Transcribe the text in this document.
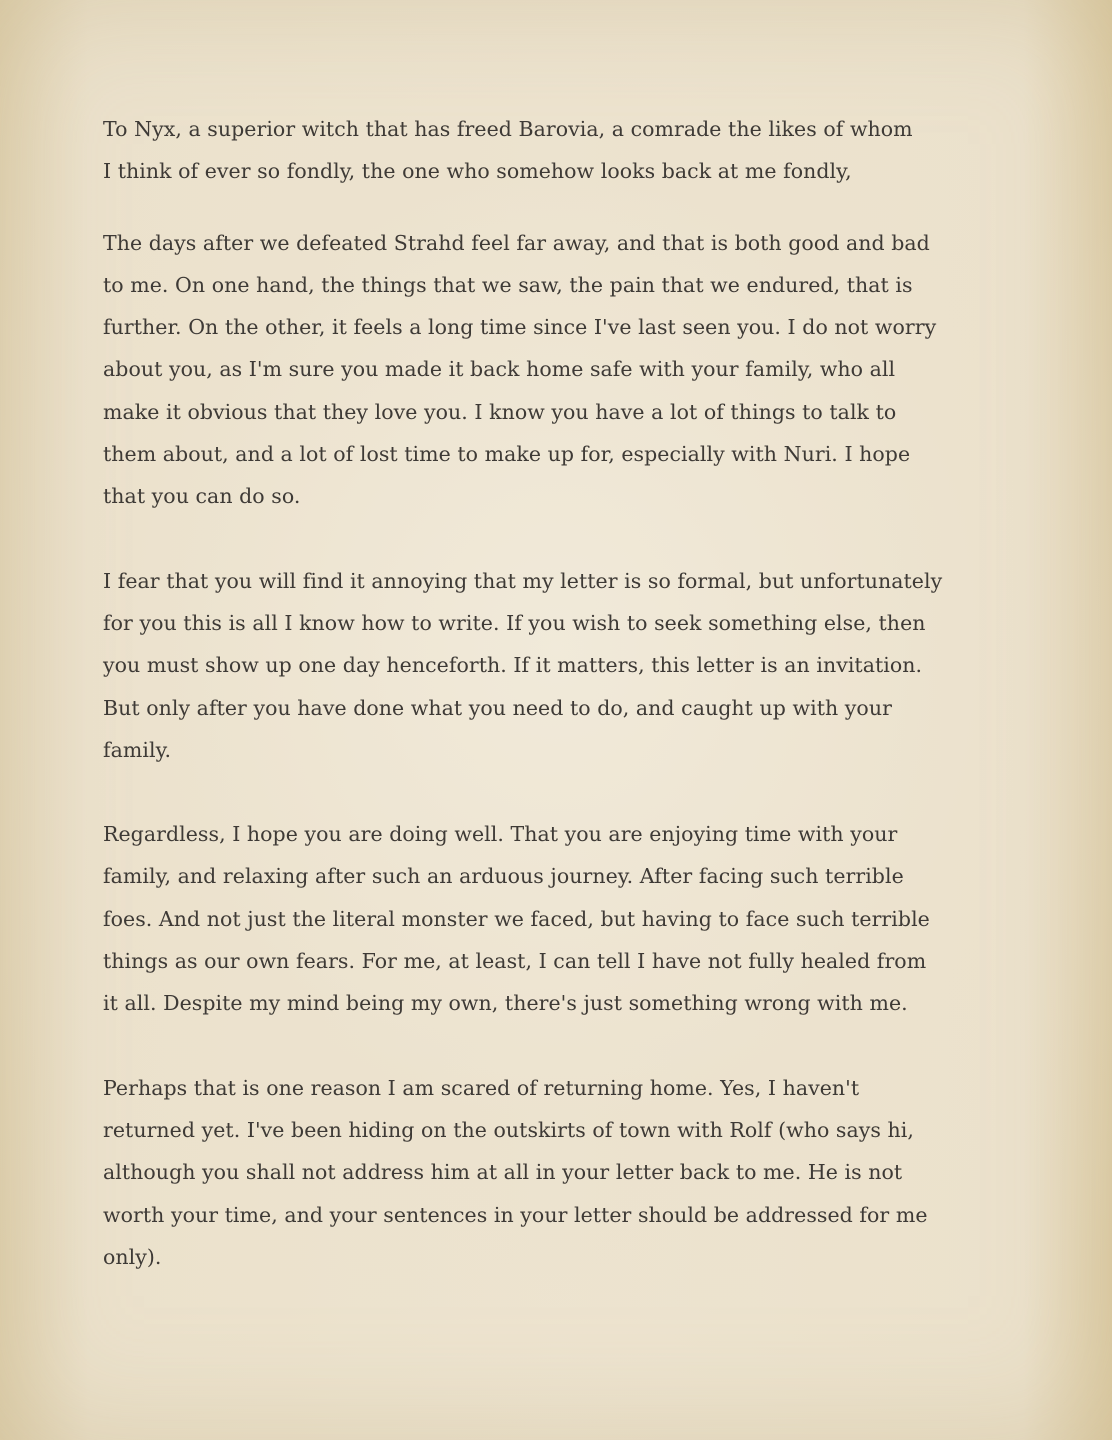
To Nyx, a superior witch that has freed Barovia, a comrade the likes of whom
I think of ever so fondly, the one who somehow looks back at me fondly,

The days after we defeated Strahd feel far away, and that is both good and bad
to me. On one hand, the things that we saw, the pain that we endured, that is
further. On the other, it feels a long time since I've last seen you. I do not worry
about you, as I'm sure you made it back home safe with your family, who all
make it obvious that they love you. I know you have a lot of things to talk to
them about, and a lot of lost time to make up for, especially with Nuri. I hope
that you can do so.

I fear that you will find it annoying that my letter is so formal, but unfortunately
for you this is all I know how to write. If you wish to seek something else, then
you must show up one day henceforth. If it matters, this letter is an invitation.
But only after you have done what you need to do, and caught up with your
family.

Regardless, I hope you are doing well. That you are enjoying time with your
family, and relaxing after such an arduous journey. After facing such terrible
foes. And not just the literal monster we faced, but having to face such terrible
things as our own fears. For me, at least, I can tell I have not fully healed from
it all. Despite my mind being my own, there's just something wrong with me.

Perhaps that is one reason I am scared of returning home. Yes, I haven't
returned yet. I've been hiding on the outskirts of town with Rolf (who says hi,
although you shall not address him at all in your letter back to me. He is not
worth your time, and your sentences in your letter should be addressed for me
only).
